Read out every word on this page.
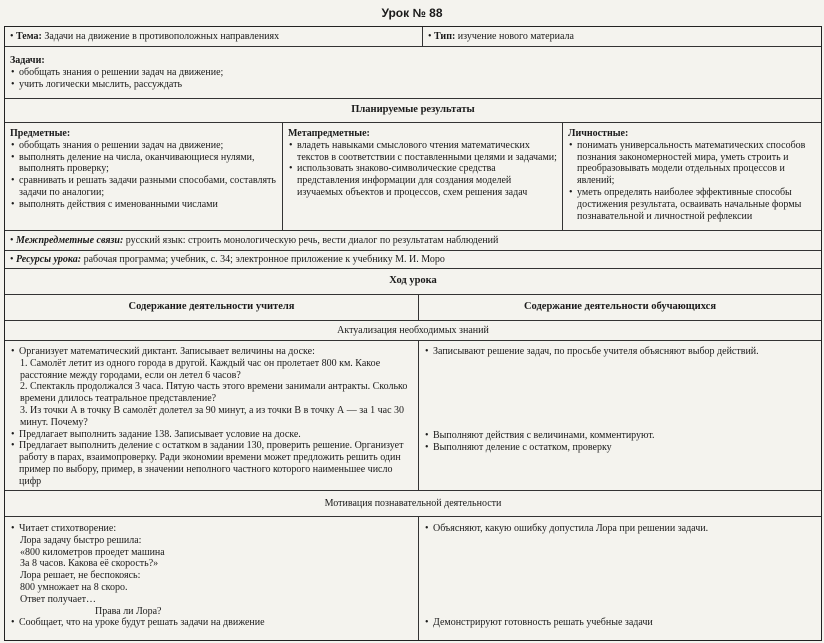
Урок № 88
• Тема: Задачи на движение в противоположных направлениях	• Тип: изучение нового материала
Задачи:
• обобщать знания о решении задач на движение;
• учить логически мыслить, рассуждать
Планируемые результаты
Предметные:
• обобщать знания о решении задач на движение;
• выполнять деление на числа, оканчивающиеся нулями, выполнять проверку;
• сравнивать и решать задачи разными способами, составлять задачи по аналогии;
• выполнять действия с именованными числами
Метапредметные:
• владеть навыками смыслового чтения математических текстов в соответствии с поставленными целями и задачами;
• использовать знаково-символические средства представления информации для создания моделей изучаемых объектов и процессов, схем решения задач
Личностные:
• понимать универсальность математических способов познания закономерностей мира, уметь строить и преобразовывать модели отдельных процессов и явлений;
• уметь определять наиболее эффективные способы достижения результата, осваивать начальные формы познавательной и личностной рефлексии
• Межпредметные связи: русский язык: строить монологическую речь, вести диалог по результатам наблюдений
• Ресурсы урока: рабочая программа; учебник, с. 34; электронное приложение к учебнику М. И. Моро
Ход урока
Содержание деятельности учителя	Содержание деятельности обучающихся
Актуализация необходимых знаний
• Организует математический диктант. Записывает величины на доске:
1. Самолёт летит из одного города в другой. Каждый час он пролетает 800 км. Какое расстояние между городами, если он летел 6 часов?
2. Спектакль продолжался 3 часа. Пятую часть этого времени занимали антракты. Сколько времени длилось театральное представление?
3. Из точки А в точку В самолёт долетел за 90 минут, а из точки В в точку А — за 1 час 30 минут. Почему?
• Предлагает выполнить задание 138. Записывает условие на доске.
• Предлагает выполнить деление с остатком в задании 130, проверить решение. Организует работу в парах, взаимопроверку. Ради экономии времени может предложить решить один пример по выбору, пример, в значении неполного частного которого наименьшее число цифр
• Записывают решение задач, по просьбе учителя объясняют выбор действий.
• Выполняют действия с величинами, комментируют.
• Выполняют деление с остатком, проверку
Мотивация познавательной деятельности
• Читает стихотворение:
Лора задачу быстро решила:
«800 километров проедет машина
За 8 часов. Какова её скорость?»
Лора решает, не беспокоясь:
800 умножает на 8 скоро.
Ответ получает…
Права ли Лора?
• Сообщает, что на уроке будут решать задачи на движение
• Объясняют, какую ошибку допустила Лора при решении задачи.
• Демонстрируют готовность решать учебные задачи
